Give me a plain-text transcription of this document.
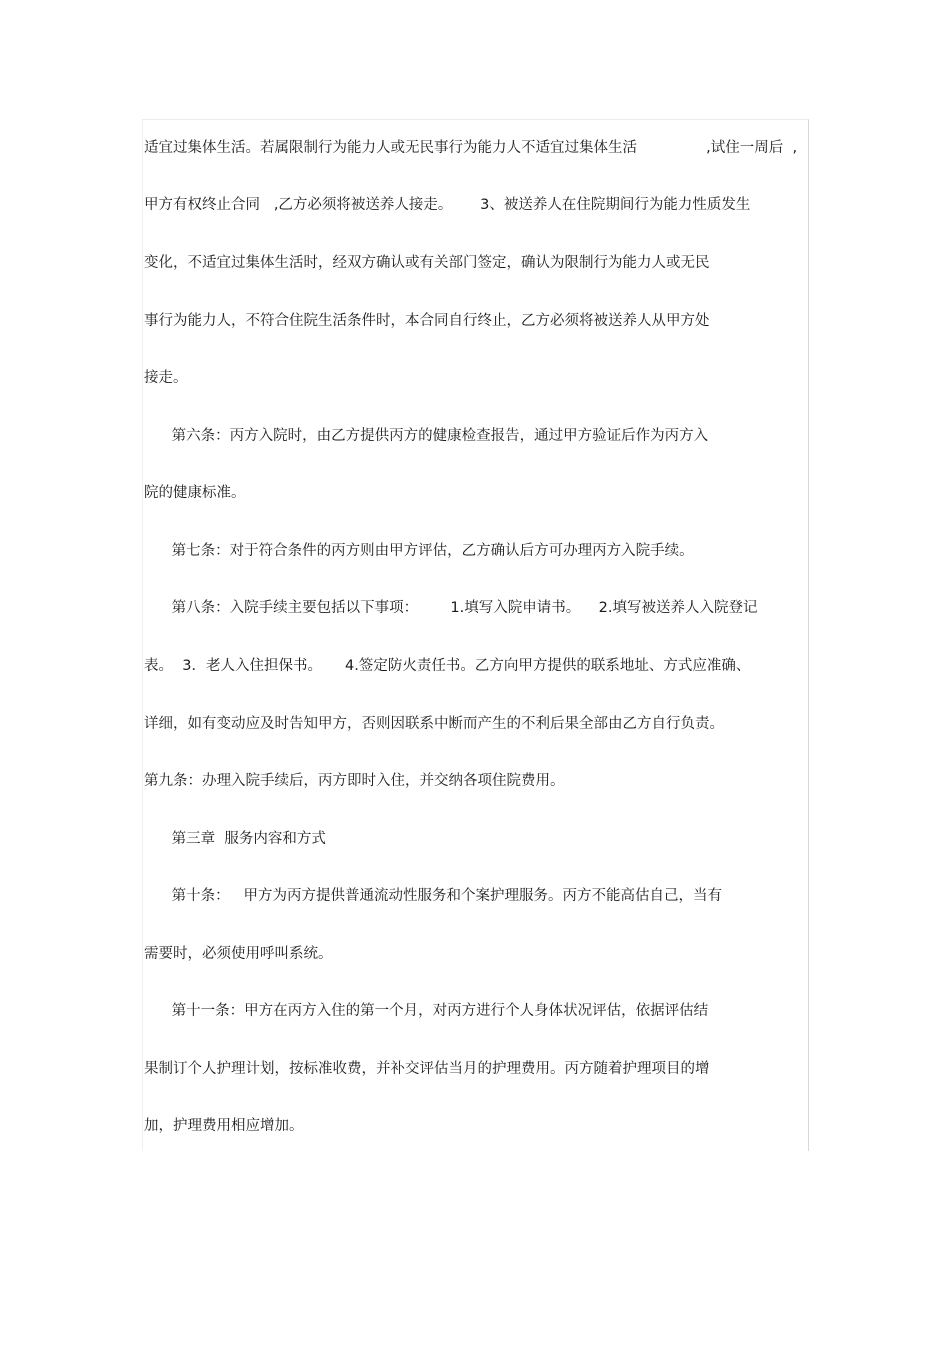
适宜过集体生活。若属限制行为能力人或无民事行为能力人不适宜过集体生活               ,试住一周后  ,
甲方有权终止合同   ,乙方必须将被送养人接走。      3、被送养人在住院期间行为能力性质发生
变化，不适宜过集体生活时，经双方确认或有关部门签定，确认为限制行为能力人或无民
事行为能力人，不符合住院生活条件时，本合同自行终止，乙方必须将被送养人从甲方处
接走。
第六条：丙方入院时，由乙方提供丙方的健康检查报告，通过甲方验证后作为丙方入
院的健康标准。
第七条：对于符合条件的丙方则由甲方评估，乙方确认后方可办理丙方入院手续。
第八条：入院手续主要包括以下事项：       1.填写入院申请书。    2.填写被送养人入院登记
表。  3．老人入住担保书。     4.签定防火责任书。乙方向甲方提供的联系地址、方式应准确、
详细，如有变动应及时告知甲方，否则因联系中断而产生的不利后果全部由乙方自行负责。
第九条：办理入院手续后，丙方即时入住，并交纳各项住院费用。
第三章  服务内容和方式
第十条：   甲方为丙方提供普通流动性服务和个案护理服务。丙方不能高估自己，当有
需要时，必须使用呼叫系统。
第十一条：甲方在丙方入住的第一个月，对丙方进行个人身体状况评估，依据评估结
果制订个人护理计划，按标准收费，并补交评估当月的护理费用。丙方随着护理项目的增
加，护理费用相应增加。
